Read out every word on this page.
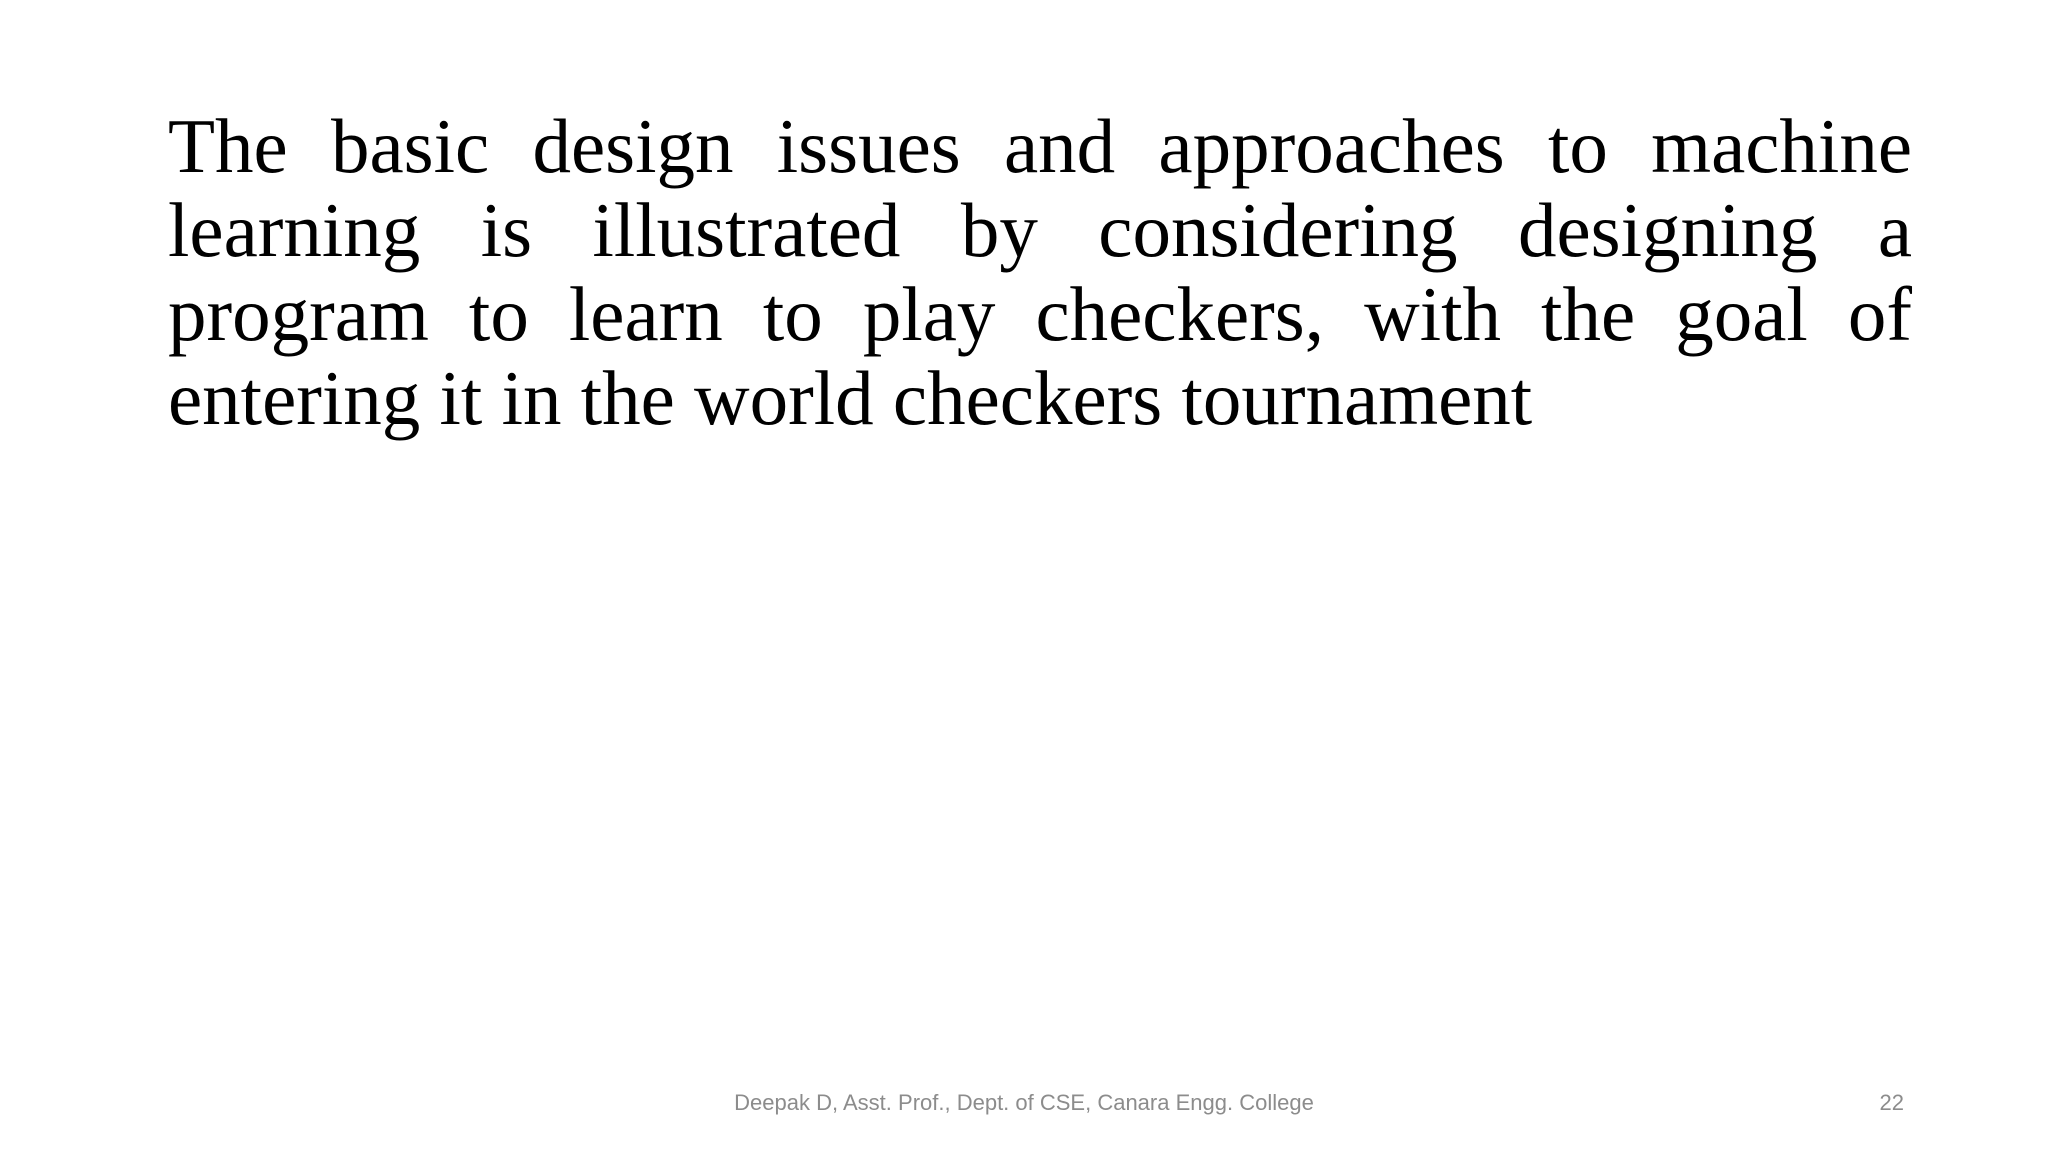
The basic design issues and approaches to machine learning is illustrated by considering designing a program to learn to play checkers, with the goal of entering it in the world checkers tournament

Deepak D, Asst. Prof., Dept. of CSE, Canara Engg. College	22
